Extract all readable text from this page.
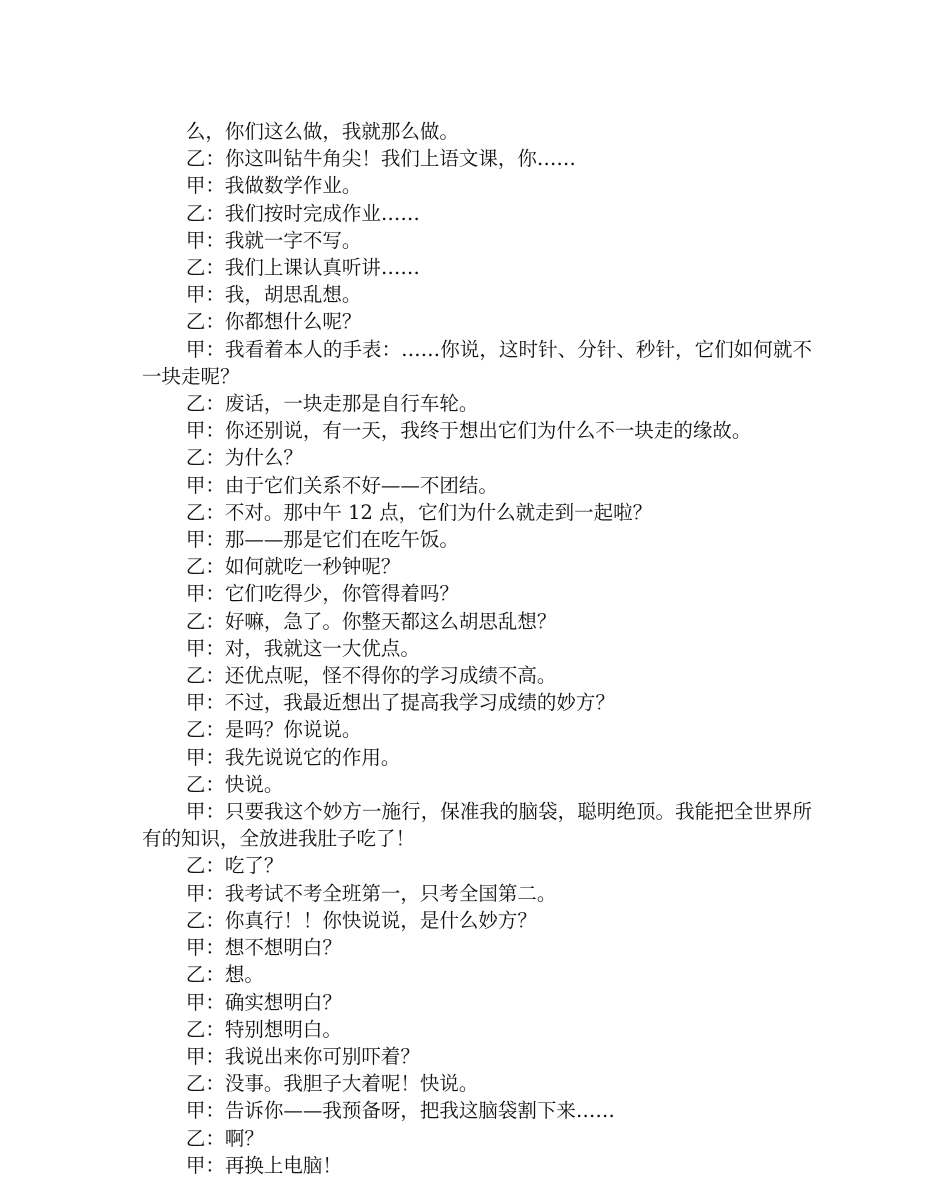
么，你们这么做，我就那么做。

乙：你这叫钻牛角尖！我们上语文课，你……

甲：我做数学作业。

乙：我们按时完成作业……

甲：我就一字不写。

乙：我们上课认真听讲……

甲：我，胡思乱想。

乙：你都想什么呢？

甲：我看着本人的手表：……你说，这时针、分针、秒针，它们如何就不一块走呢？

乙：废话，一块走那是自行车轮。

甲：你还别说，有一天，我终于想出它们为什么不一块走的缘故。

乙：为什么？

甲：由于它们关系不好——不团结。

乙：不对。那中午 12 点，它们为什么就走到一起啦？

甲：那——那是它们在吃午饭。

乙：如何就吃一秒钟呢？

甲：它们吃得少，你管得着吗？

乙：好嘛，急了。你整天都这么胡思乱想？

甲：对，我就这一大优点。

乙：还优点呢，怪不得你的学习成绩不高。

甲：不过，我最近想出了提高我学习成绩的妙方？

乙：是吗？你说说。

甲：我先说说它的作用。

乙：快说。

甲：只要我这个妙方一施行，保准我的脑袋，聪明绝顶。我能把全世界所有的知识，全放进我肚子吃了！

乙：吃了？

甲：我考试不考全班第一，只考全国第二。

乙：你真行！！你快说说，是什么妙方？

甲：想不想明白？

乙：想。

甲：确实想明白？

乙：特别想明白。

甲：我说出来你可别吓着？

乙：没事。我胆子大着呢！快说。

甲：告诉你——我预备呀，把我这脑袋割下来……

乙：啊？

甲：再换上电脑！
